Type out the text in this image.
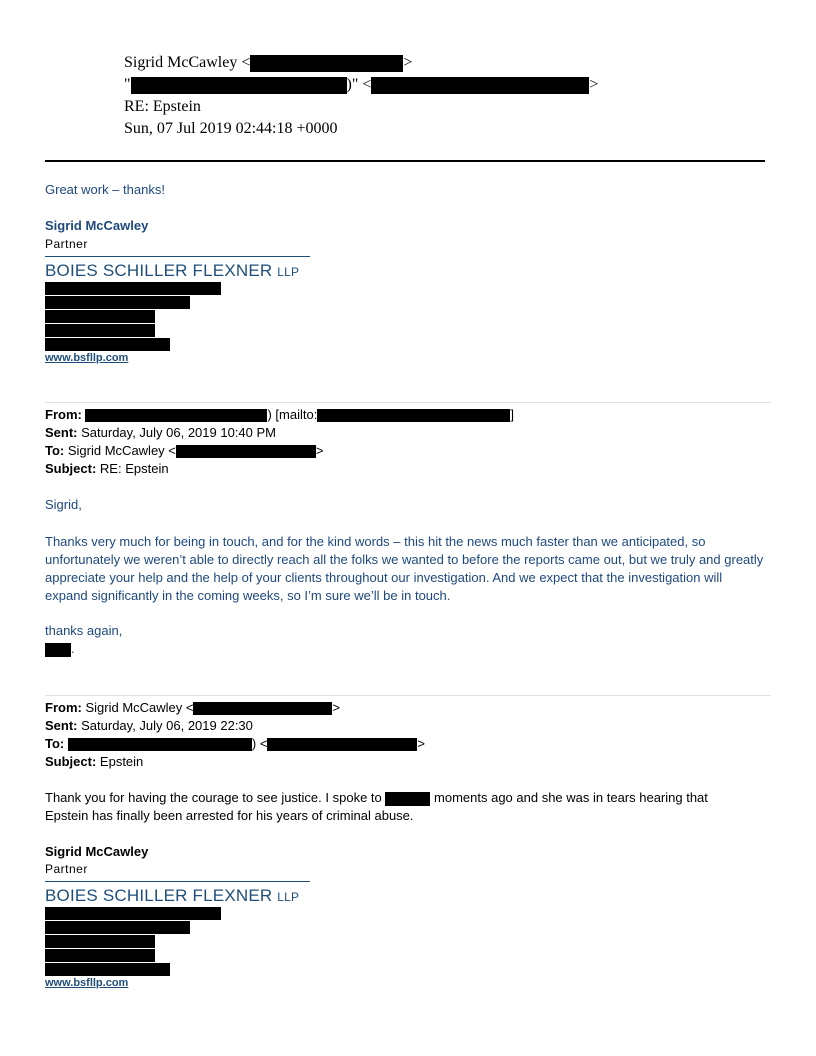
Sigrid McCawley <	>
"	)" <	>
RE: Epstein
Sun, 07 Jul 2019 02:44:18 +0000
Great work – thanks!
Sigrid McCawley
Partner
BOIES SCHILLER FLEXNER LLP
www.bsfllp.com
From:	) [mailto:	]
Sent: Saturday, July 06, 2019 10:40 PM
To: Sigrid McCawley <	>
Subject: RE: Epstein
Sigrid,
Thanks very much for being in touch, and for the kind words – this hit the news much faster than we anticipated, so unfortunately we weren’t able to directly reach all the folks we wanted to before the reports came out, but we truly and greatly appreciate your help and the help of your clients throughout our investigation. And we expect that the investigation will expand significantly in the coming weeks, so I’m sure we’ll be in touch.
thanks again,
.
From: Sigrid McCawley <	>
Sent: Saturday, July 06, 2019 22:30
To:	) <	>
Subject: Epstein
Thank you for having the courage to see justice. I spoke to	moments ago and she was in tears hearing that
Epstein has finally been arrested for his years of criminal abuse.
Sigrid McCawley
Partner
BOIES SCHILLER FLEXNER LLP
www.bsfllp.com
